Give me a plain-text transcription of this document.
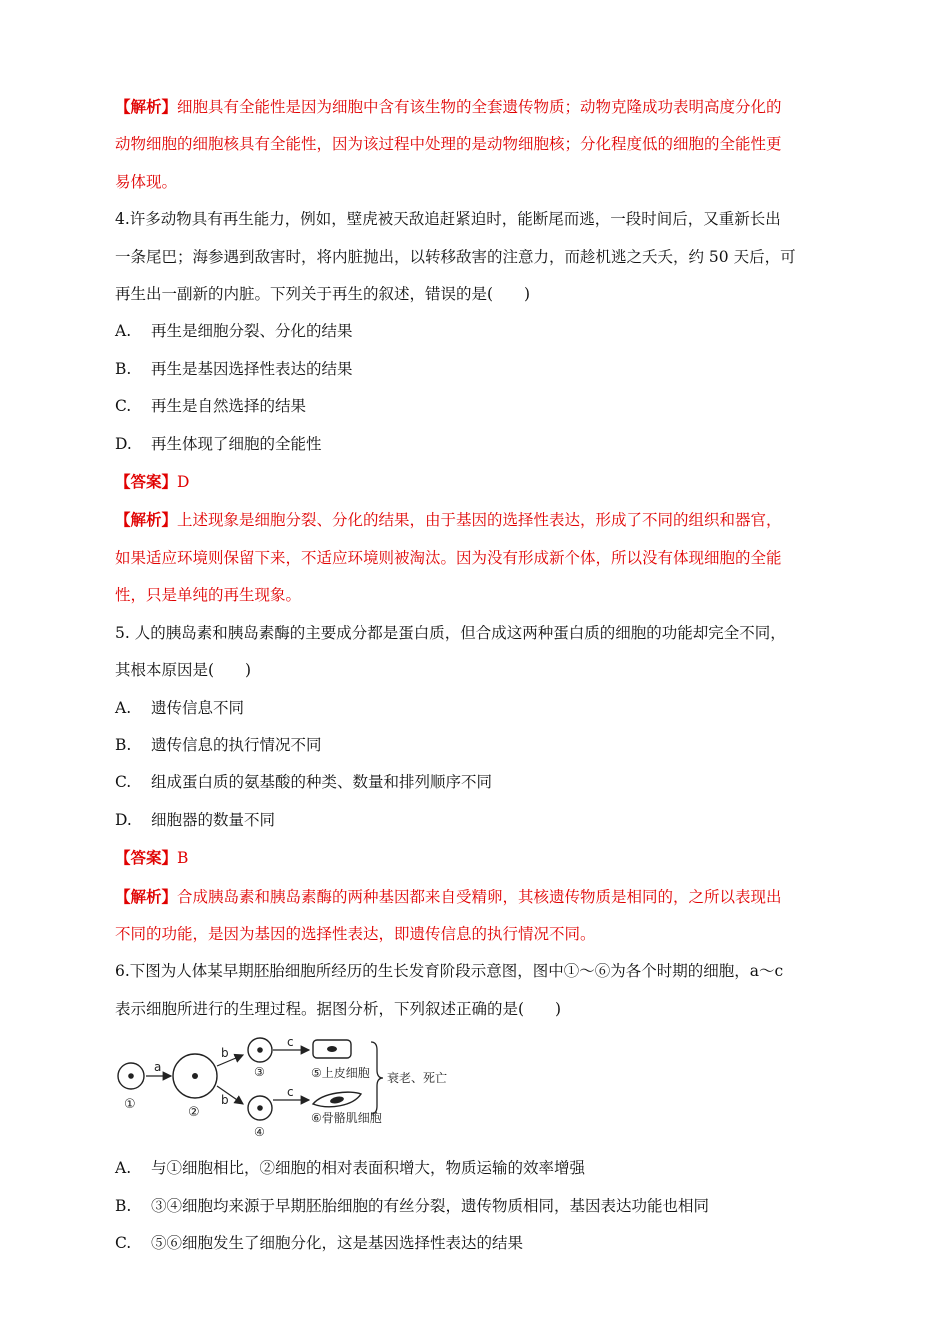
【解析】细胞具有全能性是因为细胞中含有该生物的全套遗传物质；动物克隆成功表明高度分化的
动物细胞的细胞核具有全能性，因为该过程中处理的是动物细胞核；分化程度低的细胞的全能性更
易体现。
4.许多动物具有再生能力，例如，壁虎被天敌追赶紧迫时，能断尾而逃，一段时间后，又重新长出
一条尾巴；海参遇到敌害时，将内脏抛出，以转移敌害的注意力，而趁机逃之夭夭，约 50 天后，可
再生出一副新的内脏。下列关于再生的叙述，错误的是(　　)
A. 再生是细胞分裂、分化的结果
B. 再生是基因选择性表达的结果
C. 再生是自然选择的结果
D. 再生体现了细胞的全能性
【答案】D
【解析】上述现象是细胞分裂、分化的结果，由于基因的选择性表达，形成了不同的组织和器官，
如果适应环境则保留下来，不适应环境则被淘汰。因为没有形成新个体，所以没有体现细胞的全能
性，只是单纯的再生现象。
5. 人的胰岛素和胰岛素酶的主要成分都是蛋白质，但合成这两种蛋白质的细胞的功能却完全不同，
其根本原因是(　　)
A. 遗传信息不同
B. 遗传信息的执行情况不同
C. 组成蛋白质的氨基酸的种类、数量和排列顺序不同
D. 细胞器的数量不同
【答案】B
【解析】合成胰岛素和胰岛素酶的两种基因都来自受精卵，其核遗传物质是相同的，之所以表现出
不同的功能，是因为基因的选择性表达，即遗传信息的执行情况不同。
6.下图为人体某早期胚胎细胞所经历的生长发育阶段示意图，图中①～⑥为各个时期的细胞，a～c
表示细胞所进行的生理过程。据图分析，下列叙述正确的是(　　)
①
a
②
b
b
③
④
c
c
⑤上皮细胞
⑥骨骼肌细胞
衰老、死亡
A. 与①细胞相比，②细胞的相对表面积增大，物质运输的效率增强
B. ③④细胞均来源于早期胚胎细胞的有丝分裂，遗传物质相同，基因表达功能也相同
C. ⑤⑥细胞发生了细胞分化，这是基因选择性表达的结果
